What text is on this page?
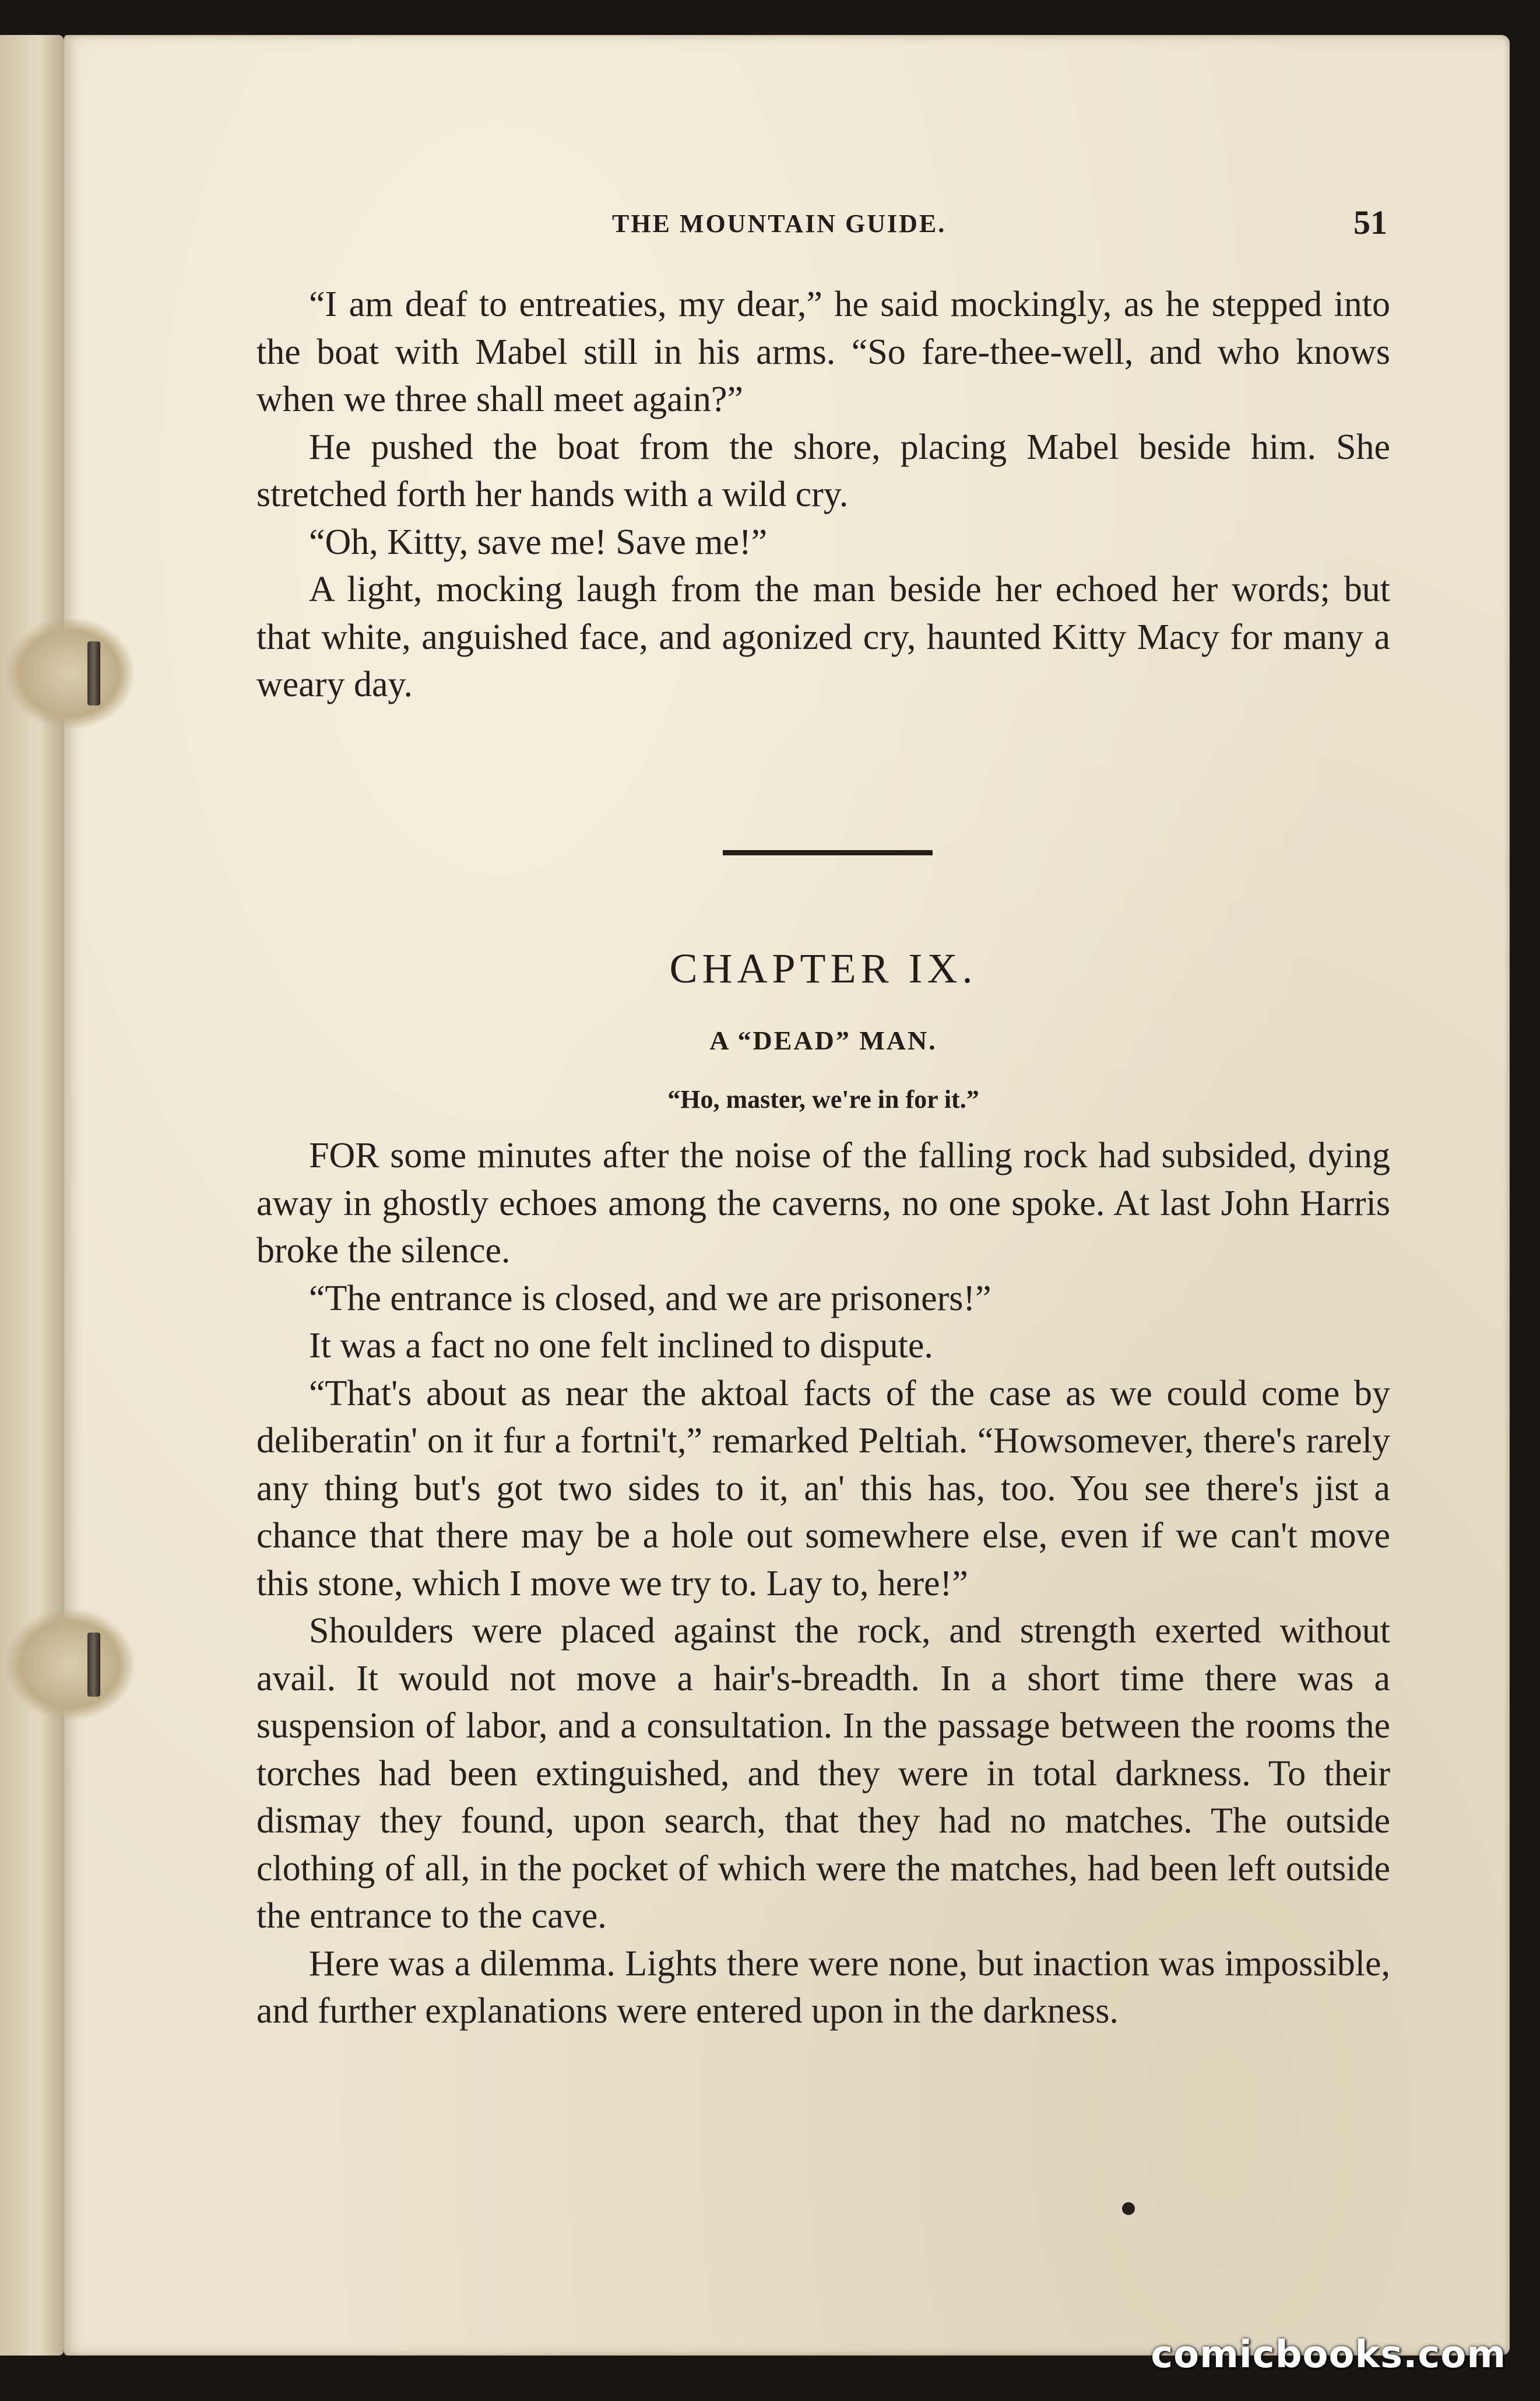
THE MOUNTAIN GUIDE.	51

“I am deaf to entreaties, my dear,” he said mockingly, as he stepped into the boat with Mabel still in his arms. “So fare-thee-well, and who knows when we three shall meet again?”

He pushed the boat from the shore, placing Mabel beside him. She stretched forth her hands with a wild cry.

“Oh, Kitty, save me! Save me!”

A light, mocking laugh from the man beside her echoed her words; but that white, anguished face, and agonized cry, haunted Kitty Macy for many a weary day.

CHAPTER IX.
A “DEAD” MAN.
“Ho, master, we're in for it.”

FOR some minutes after the noise of the falling rock had subsided, dying away in ghostly echoes among the caverns, no one spoke. At last John Harris broke the silence.

“The entrance is closed, and we are prisoners!”

It was a fact no one felt inclined to dispute.

“That's about as near the aktoal facts of the case as we could come by deliberatin' on it fur a fortni't,” remarked Peltiah. “Howsomever, there's rarely any thing but's got two sides to it, an' this has, too. You see there's jist a chance that there may be a hole out somewhere else, even if we can't move this stone, which I move we try to. Lay to, here!”

Shoulders were placed against the rock, and strength exerted without avail. It would not move a hair's-breadth. In a short time there was a suspension of labor, and a consultation. In the passage between the rooms the torches had been extinguished, and they were in total darkness. To their dismay they found, upon search, that they had no matches. The outside clothing of all, in the pocket of which were the matches, had been left outside the entrance to the cave.

Here was a dilemma. Lights there were none, but inaction was impossible, and further explanations were entered upon in the darkness.

comicbooks.com
